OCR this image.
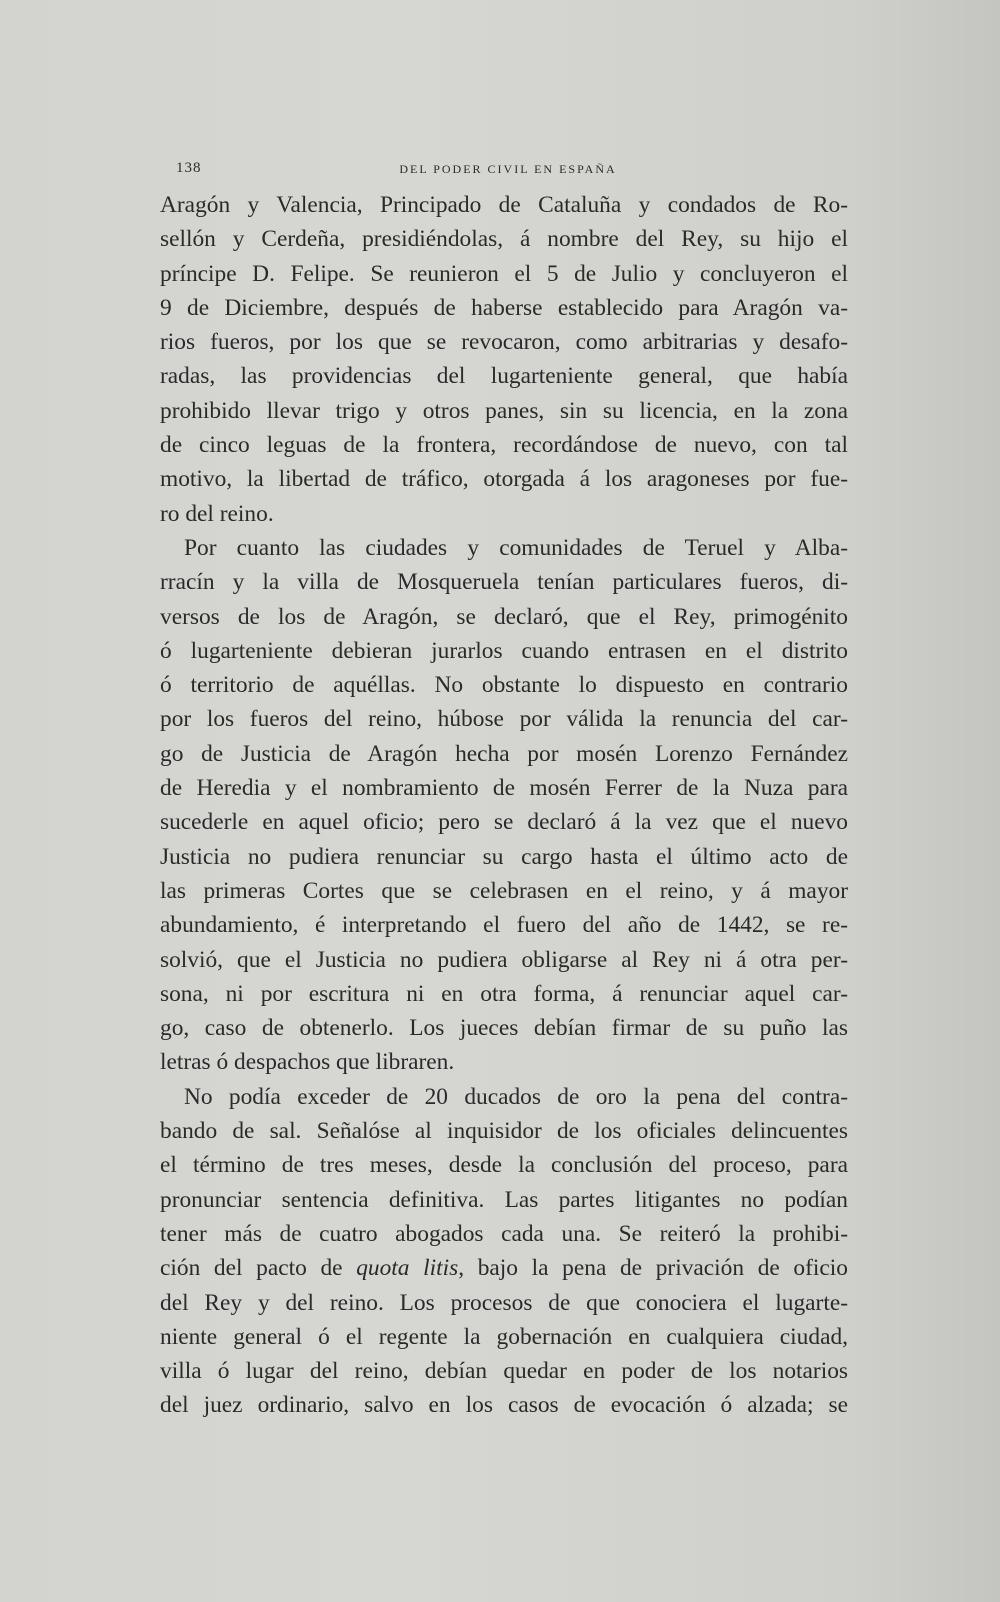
138	DEL PODER CIVIL EN ESPAÑA
Aragón y Valencia, Principado de Cataluña y condados de Ro-
sellón y Cerdeña, presidiéndolas, á nombre del Rey, su hijo el
príncipe D. Felipe. Se reunieron el 5 de Julio y concluyeron el
9 de Diciembre, después de haberse establecido para Aragón va-
rios fueros, por los que se revocaron, como arbitrarias y desafo-
radas, las providencias del lugarteniente general, que había
prohibido llevar trigo y otros panes, sin su licencia, en la zona
de cinco leguas de la frontera, recordándose de nuevo, con tal
motivo, la libertad de tráfico, otorgada á los aragoneses por fue-
ro del reino.
Por cuanto las ciudades y comunidades de Teruel y Alba-
rracín y la villa de Mosqueruela tenían particulares fueros, di-
versos de los de Aragón, se declaró, que el Rey, primogénito
ó lugarteniente debieran jurarlos cuando entrasen en el distrito
ó territorio de aquéllas. No obstante lo dispuesto en contrario
por los fueros del reino, húbose por válida la renuncia del car-
go de Justicia de Aragón hecha por mosén Lorenzo Fernández
de Heredia y el nombramiento de mosén Ferrer de la Nuza para
sucederle en aquel oficio; pero se declaró á la vez que el nuevo
Justicia no pudiera renunciar su cargo hasta el último acto de
las primeras Cortes que se celebrasen en el reino, y á mayor
abundamiento, é interpretando el fuero del año de 1442, se re-
solvió, que el Justicia no pudiera obligarse al Rey ni á otra per-
sona, ni por escritura ni en otra forma, á renunciar aquel car-
go, caso de obtenerlo. Los jueces debían firmar de su puño las
letras ó despachos que libraren.
No podía exceder de 20 ducados de oro la pena del contra-
bando de sal. Señalóse al inquisidor de los oficiales delincuentes
el término de tres meses, desde la conclusión del proceso, para
pronunciar sentencia definitiva. Las partes litigantes no podían
tener más de cuatro abogados cada una. Se reiteró la prohibi-
ción del pacto de quota litis, bajo la pena de privación de oficio
del Rey y del reino. Los procesos de que conociera el lugarte-
niente general ó el regente la gobernación en cualquiera ciudad,
villa ó lugar del reino, debían quedar en poder de los notarios
del juez ordinario, salvo en los casos de evocación ó alzada; se
